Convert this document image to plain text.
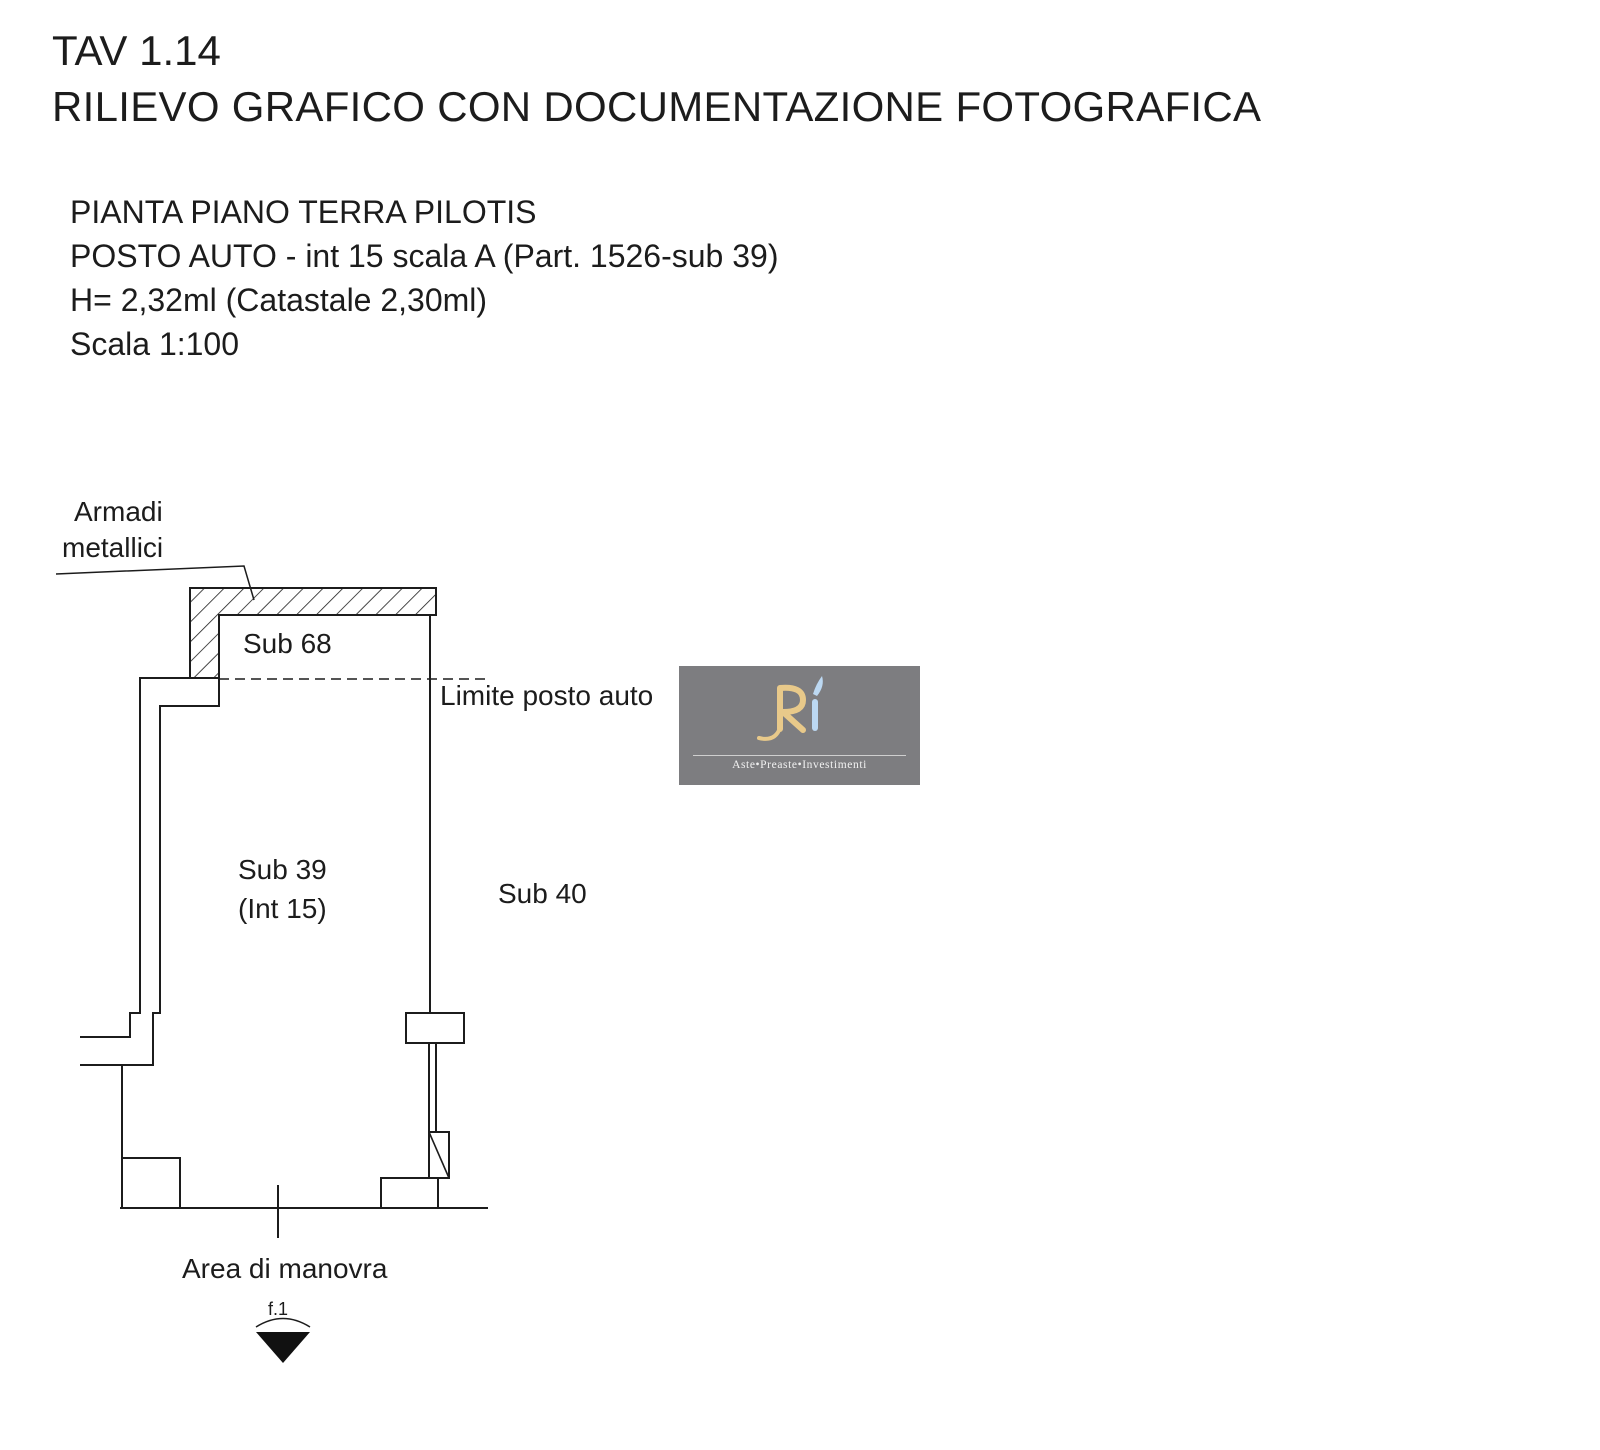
TAV 1.14
RILIEVO GRAFICO CON DOCUMENTAZIONE FOTOGRAFICA
PIANTA PIANO TERRA PILOTIS
POSTO AUTO - int 15 scala A (Part. 1526-sub 39)
H= 2,32ml (Catastale 2,30ml)
Scala 1:100
Armadi
metallici
Sub 68
Limite posto auto
Sub 39
(Int 15)	Sub 40
Area di manovra
f.1
Aste•Preaste•Investimenti
